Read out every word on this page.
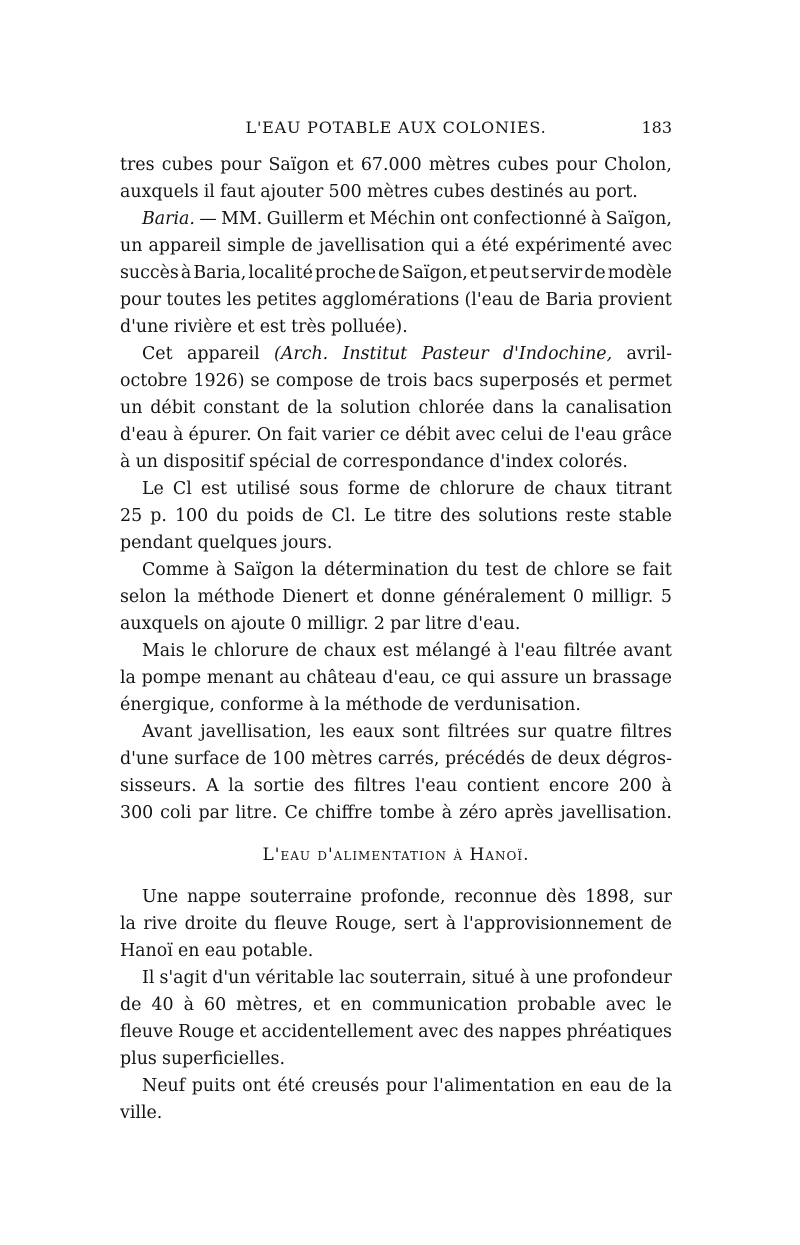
L'EAU POTABLE AUX COLONIES.	183
tres cubes pour Saïgon et 67.000 mètres cubes pour Cholon,
auxquels il faut ajouter 500 mètres cubes destinés au port.
Baria. — MM. Guillerm et Méchin ont confectionné à Saïgon,
un appareil simple de javellisation qui a été expérimenté avec
succès à Baria, localité proche de Saïgon, et peut servir de modèle
pour toutes les petites agglomérations (l'eau de Baria provient
d'une rivière et est très polluée).
Cet appareil (Arch. Institut Pasteur d'Indochine, avril-
octobre 1926) se compose de trois bacs superposés et permet
un débit constant de la solution chlorée dans la canalisation
d'eau à épurer. On fait varier ce débit avec celui de l'eau grâce
à un dispositif spécial de correspondance d'index colorés.
Le Cl est utilisé sous forme de chlorure de chaux titrant
25 p. 100 du poids de Cl. Le titre des solutions reste stable
pendant quelques jours.
Comme à Saïgon la détermination du test de chlore se fait
selon la méthode Dienert et donne généralement 0 milligr. 5
auxquels on ajoute 0 milligr. 2 par litre d'eau.
Mais le chlorure de chaux est mélangé à l'eau filtrée avant
la pompe menant au château d'eau, ce qui assure un brassage
énergique, conforme à la méthode de verdunisation.
Avant javellisation, les eaux sont filtrées sur quatre filtres
d'une surface de 100 mètres carrés, précédés de deux dégros-
sisseurs. A la sortie des filtres l'eau contient encore 200 à
300 coli par litre. Ce chiffre tombe à zéro après javellisation.
L'eau d'alimentation à Hanoï.
Une nappe souterraine profonde, reconnue dès 1898, sur
la rive droite du fleuve Rouge, sert à l'approvisionnement de
Hanoï en eau potable.
Il s'agit d'un véritable lac souterrain, situé à une profondeur
de 40 à 60 mètres, et en communication probable avec le
fleuve Rouge et accidentellement avec des nappes phréatiques
plus superficielles.
Neuf puits ont été creusés pour l'alimentation en eau de la
ville.
